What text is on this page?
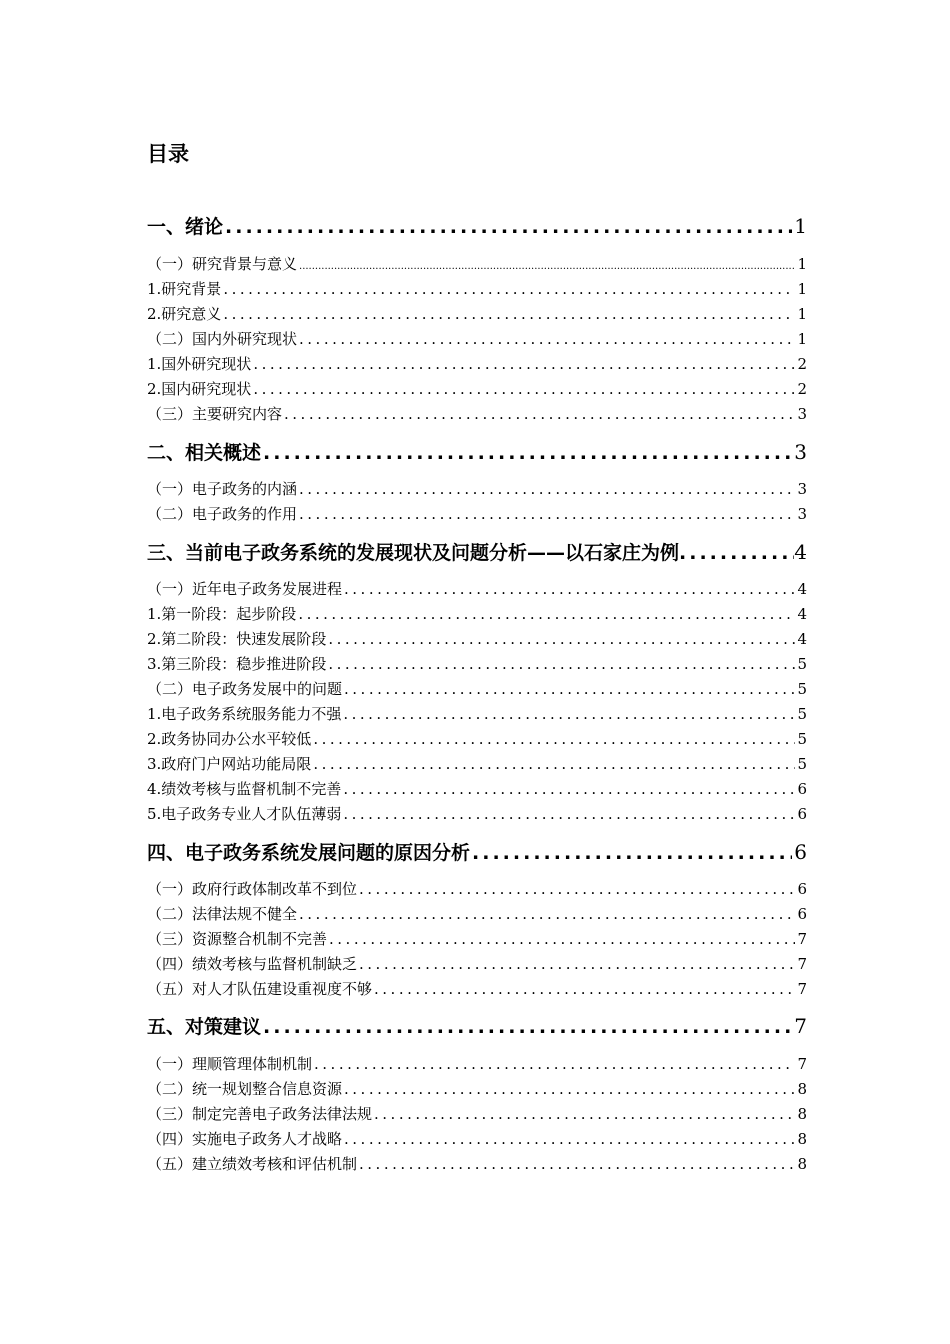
目录
一、绪论 .....	1
（一）研究背景与意义 .....	1
1.研究背景 .....	1
2.研究意义 .....	1
（二）国内外研究现状 .....	1
1.国外研究现状 .....	2
2.国内研究现状 .....	2
（三）主要研究内容 .....	3
二、相关概述 .....	3
（一）电子政务的内涵 .....	3
（二）电子政务的作用 .....	3
三、当前电子政务系统的发展现状及问题分析——以石家庄为例 .....	4
（一）近年电子政务发展进程 .....	4
1.第一阶段：起步阶段 .....	4
2.第二阶段：快速发展阶段 .....	4
3.第三阶段：稳步推进阶段 .....	5
（二）电子政务发展中的问题 .....	5
1.电子政务系统服务能力不强 .....	5
2.政务协同办公水平较低 .....	5
3.政府门户网站功能局限 .....	5
4.绩效考核与监督机制不完善 .....	6
5.电子政务专业人才队伍薄弱 .....	6
四、电子政务系统发展问题的原因分析 .....	6
（一）政府行政体制改革不到位 .....	6
（二）法律法规不健全 .....	6
（三）资源整合机制不完善 .....	7
（四）绩效考核与监督机制缺乏 .....	7
（五）对人才队伍建设重视度不够 .....	7
五、对策建议 .....	7
（一）理顺管理体制机制 .....	7
（二）统一规划整合信息资源 .....	8
（三）制定完善电子政务法律法规 .....	8
（四）实施电子政务人才战略 .....	8
（五）建立绩效考核和评估机制 .....	8
